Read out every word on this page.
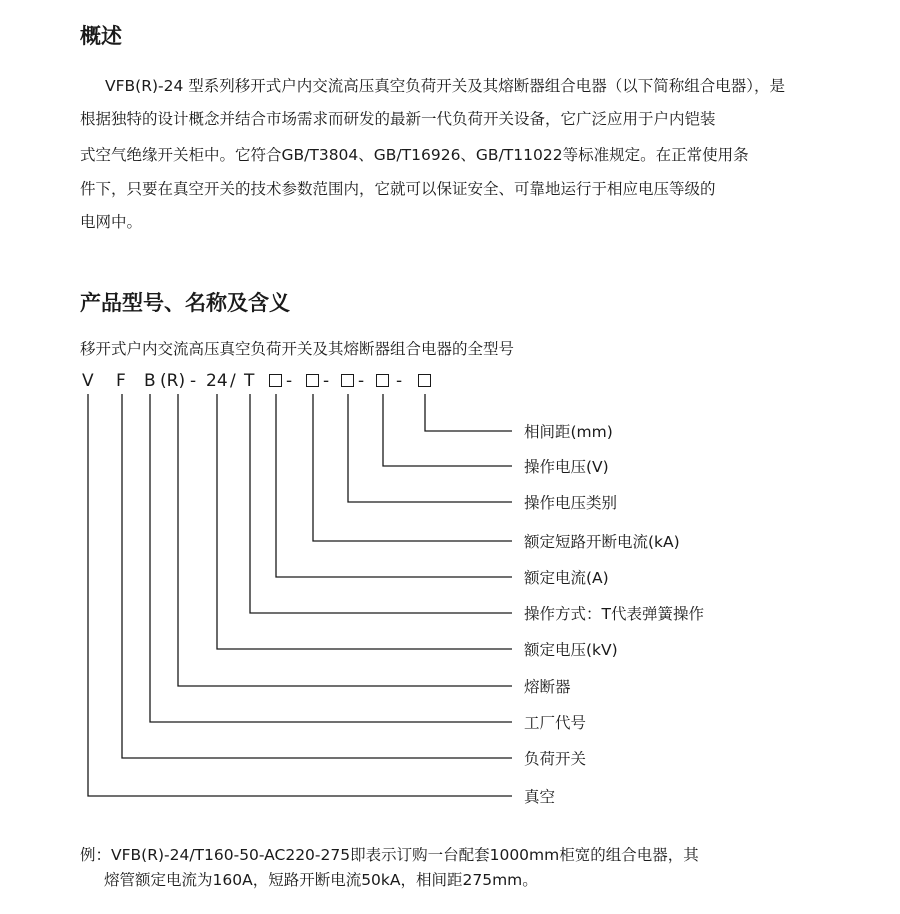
概述

VFB(R)-24 型系列移开式户内交流高压真空负荷开关及其熔断器组合电器（以下简称组合电器），是

根据独特的设计概念并结合市场需求而研发的最新一代负荷开关设备，它广泛应用于户内铠装

式空气绝缘开关柜中。它符合GB/T3804、GB/T16926、GB/T11022等标准规定。在正常使用条

件下，只要在真空开关的技术参数范围内，它就可以保证安全、可靠地运行于相应电压等级的

电网中。

产品型号、名称及含义

移开式户内交流高压真空负荷开关及其熔断器组合电器的全型号

V F B (R) - 24 / T - - - -
相间距(mm)
操作电压(V)
操作电压类别
额定短路开断电流(kA)
额定电流(A)
操作方式：T代表弹簧操作
额定电压(kV)
熔断器
工厂代号
负荷开关
真空

例：VFB(R)-24/T160-50-AC220-275即表示订购一台配套1000mm柜宽的组合电器，其

熔管额定电流为160A，短路开断电流50kA，相间距275mm。
